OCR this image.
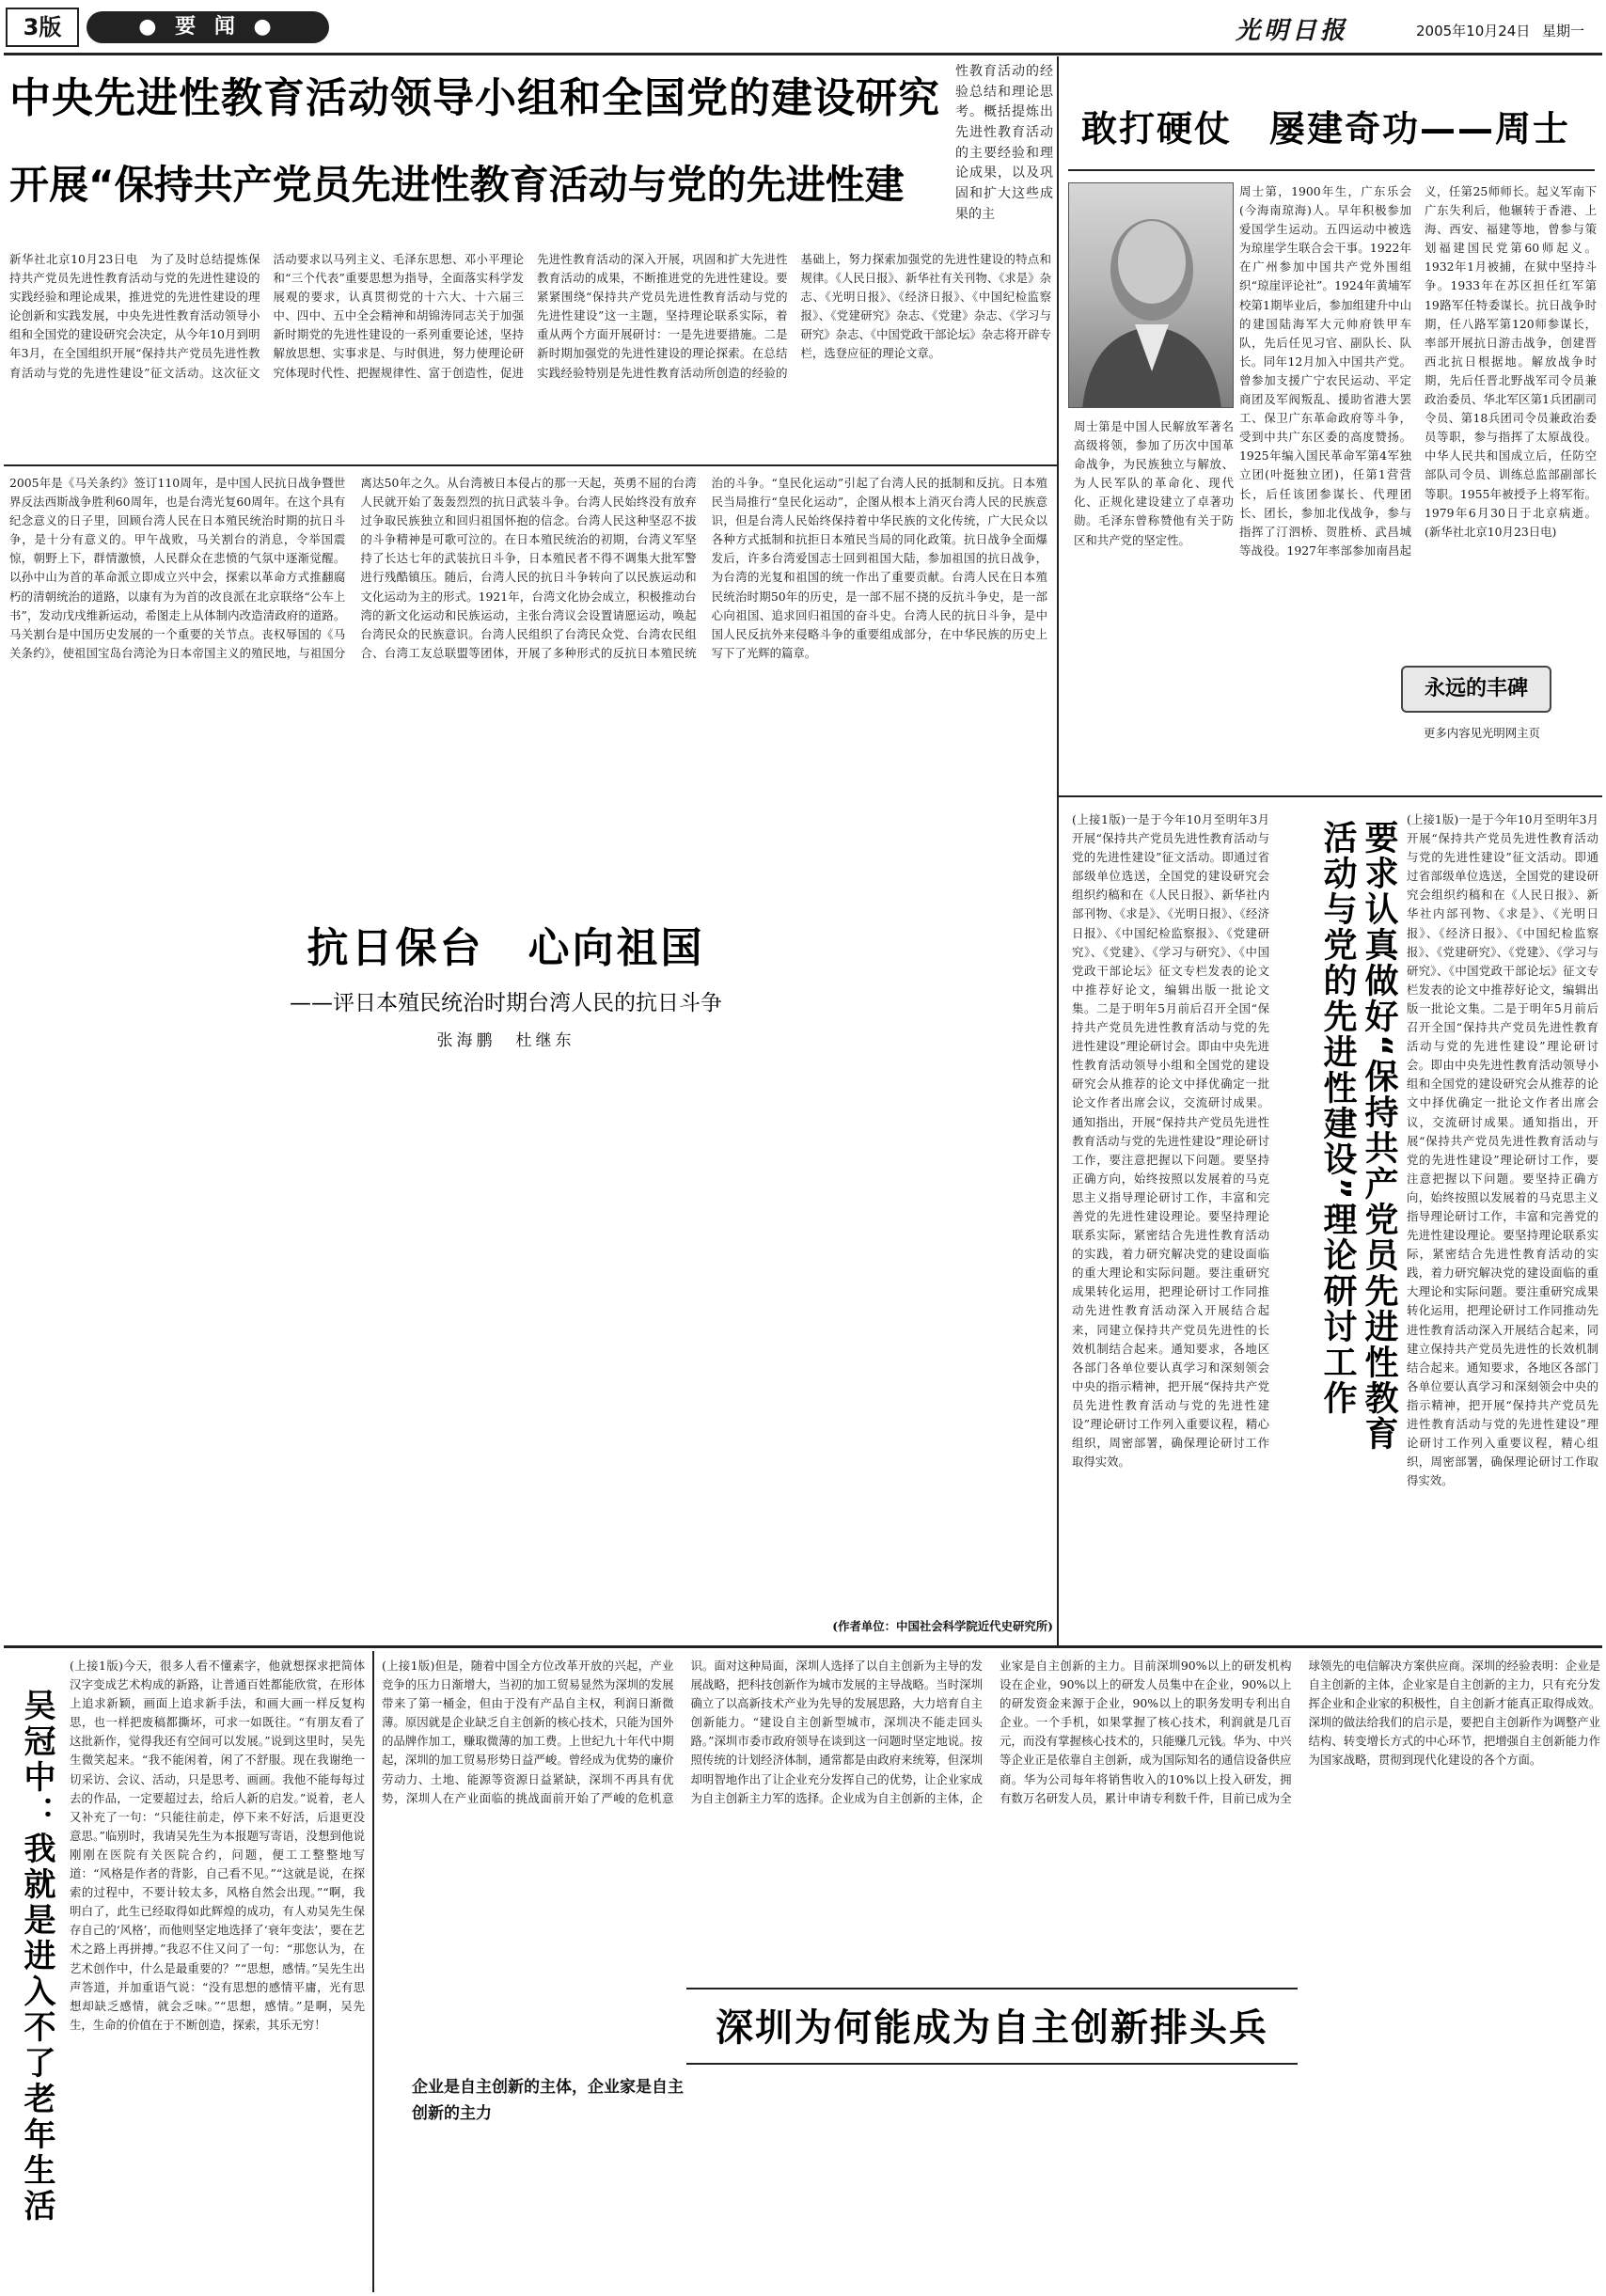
3版	● 要 闻 ●	光明日报	2005年10月24日 星期一
中央先进性教育活动领导小组和全国党的建设研究
开展“保持共产党员先进性教育活动与党的先进性建
性教育活动的经验总结和理论思考。概括提炼出先进性教育活动的主要经验和理论成果，以及巩固和扩大这些成果的主
新华社北京10月23日电　为了及时总结提炼保持共产党员先进性教育活动与党的先进性建设的实践经验和理论成果，推进党的先进性建设的理论创新和实践发展，中央先进性教育活动领导小组和全国党的建设研究会决定，从今年10月到明年3月，在全国组织开展“保持共产党员先进性教育活动与党的先进性建设”征文活动。这次征文活动要求以马列主义、毛泽东思想、邓小平理论和“三个代表”重要思想为指导，全面落实科学发展观的要求，认真贯彻党的十六大、十六届三中、四中、五中全会精神和胡锦涛同志关于加强新时期党的先进性建设的一系列重要论述，坚持解放思想、实事求是、与时俱进，努力使理论研究体现时代性、把握规律性、富于创造性，促进先进性教育活动的深入开展，巩固和扩大先进性教育活动的成果，不断推进党的先进性建设。要紧紧围绕“保持共产党员先进性教育活动与党的先进性建设”这一主题，坚持理论联系实际，着重从两个方面开展研讨：一是先进要措施。二是新时期加强党的先进性建设的理论探索。在总结实践经验特别是先进性教育活动所创造的经验的基础上，努力探索加强党的先进性建设的特点和规律。《人民日报》、新华社有关刊物、《求是》杂志、《光明日报》、《经济日报》、《中国纪检监察报》、《党建研究》杂志、《党建》杂志、《学习与研究》杂志、《中国党政干部论坛》杂志将开辟专栏，选登应征的理论文章。
敢打硬仗　屡建奇功——周士
周士第是中国人民解放军著名高级将领，参加了历次中国革命战争，为民族独立与解放、为人民军队的革命化、现代化、正规化建设建立了卓著功勋。毛泽东曾称赞他有关于防区和共产党的坚定性。
周士第，1900年生，广东乐会(今海南琼海)人。早年积极参加爱国学生运动。五四运动中被选为琼崖学生联合会干事。1922年在广州参加中国共产党外围组织“琼崖评论社”。1924年黄埔军校第1期毕业后，参加组建升中山的建国陆海军大元帅府铁甲车队，先后任见习官、副队长、队长。同年12月加入中国共产党。曾参加支援广宁农民运动、平定商团及军阀叛乱、援助省港大罢工、保卫广东革命政府等斗争，受到中共广东区委的高度赞扬。1925年编入国民革命军第4军独立团(叶挺独立团)，任第1营营长，后任该团参谋长、代理团长、团长，参加北伐战争，参与指挥了汀泗桥、贺胜桥、武昌城等战役。1927年率部参加南昌起义，任第25师师长。起义军南下广东失利后，他辗转于香港、上海、西安、福建等地，曾参与策划福建国民党第60师起义。1932年1月被捕，在狱中坚持斗争。1933年在苏区担任红军第19路军任特委谋长。抗日战争时期，任八路军第120师参谋长，率部开展抗日游击战争，创建晋西北抗日根据地。解放战争时期，先后任晋北野战军司令员兼政治委员、华北军区第1兵团副司令员、第18兵团司令员兼政治委员等职，参与指挥了太原战役。中华人民共和国成立后，任防空部队司令员、训练总监部副部长等职。1955年被授予上将军衔。1979年6月30日于北京病逝。(新华社北京10月23日电)
永远的丰碑
更多内容见光明网主页
2005年是《马关条约》签订110周年，是中国人民抗日战争暨世界反法西斯战争胜利60周年，也是台湾光复60周年。在这个具有纪念意义的日子里，回顾台湾人民在日本殖民统治时期的抗日斗争，是十分有意义的。甲午战败，马关割台的消息，令举国震惊，朝野上下，群情激愤，人民群众在悲愤的气氛中逐渐觉醒。以孙中山为首的革命派立即成立兴中会，探索以革命方式推翻腐朽的清朝统治的道路，以康有为为首的改良派在北京联络“公车上书”，发动戊戌维新运动，希图走上从体制内改造清政府的道路。马关割台是中国历史发展的一个重要的关节点。丧权辱国的《马关条约》，使祖国宝岛台湾沦为日本帝国主义的殖民地，与祖国分离达50年之久。从台湾被日本侵占的那一天起，英勇不屈的台湾人民就开始了轰轰烈烈的抗日武装斗争。台湾人民始终没有放弃过争取民族独立和回归祖国怀抱的信念。台湾人民这种坚忍不拔的斗争精神是可歌可泣的。在日本殖民统治的初期，台湾义军坚持了长达七年的武装抗日斗争，日本殖民者不得不调集大批军警进行残酷镇压。随后，台湾人民的抗日斗争转向了以民族运动和文化运动为主的形式。1921年，台湾文化协会成立，积极推动台湾的新文化运动和民族运动，主张台湾议会设置请愿运动，唤起台湾民众的民族意识。台湾人民组织了台湾民众党、台湾农民组合、台湾工友总联盟等团体，开展了多种形式的反抗日本殖民统治的斗争。“皇民化运动”引起了台湾人民的抵制和反抗。日本殖民当局推行“皇民化运动”，企图从根本上消灭台湾人民的民族意识，但是台湾人民始终保持着中华民族的文化传统，广大民众以各种方式抵制和抗拒日本殖民当局的同化政策。抗日战争全面爆发后，许多台湾爱国志士回到祖国大陆，参加祖国的抗日战争，为台湾的光复和祖国的统一作出了重要贡献。台湾人民在日本殖民统治时期50年的历史，是一部不屈不挠的反抗斗争史，是一部心向祖国、追求回归祖国的奋斗史。台湾人民的抗日斗争，是中国人民反抗外来侵略斗争的重要组成部分，在中华民族的历史上写下了光辉的篇章。
抗日保台　心向祖国
——评日本殖民统治时期台湾人民的抗日斗争
张海鹏　杜继东
(作者单位：中国社会科学院近代史研究所)
要求认真做好“保持共产党员先进性教育活动与党的先进性建设”理论研讨工作
(上接1版)一是于今年10月至明年3月开展“保持共产党员先进性教育活动与党的先进性建设”征文活动。即通过省部级单位选送，全国党的建设研究会组织约稿和在《人民日报》、新华社内部刊物、《求是》、《光明日报》、《经济日报》、《中国纪检监察报》、《党建研究》、《党建》、《学习与研究》、《中国党政干部论坛》征文专栏发表的论文中推荐好论文，编辑出版一批论文集。二是于明年5月前后召开全国“保持共产党员先进性教育活动与党的先进性建设”理论研讨会。即由中央先进性教育活动领导小组和全国党的建设研究会从推荐的论文中择优确定一批论文作者出席会议，交流研讨成果。通知指出，开展“保持共产党员先进性教育活动与党的先进性建设”理论研讨工作，要注意把握以下问题。要坚持正确方向，始终按照以发展着的马克思主义指导理论研讨工作，丰富和完善党的先进性建设理论。要坚持理论联系实际，紧密结合先进性教育活动的实践，着力研究解决党的建设面临的重大理论和实际问题。要注重研究成果转化运用，把理论研讨工作同推动先进性教育活动深入开展结合起来，同建立保持共产党员先进性的长效机制结合起来。通知要求，各地区各部门各单位要认真学习和深刻领会中央的指示精神，把开展“保持共产党员先进性教育活动与党的先进性建设”理论研讨工作列入重要议程，精心组织，周密部署，确保理论研讨工作取得实效。
(上接1版)一是于今年10月至明年3月开展“保持共产党员先进性教育活动与党的先进性建设”征文活动。即通过省部级单位选送，全国党的建设研究会组织约稿和在《人民日报》、新华社内部刊物、《求是》、《光明日报》、《经济日报》、《中国纪检监察报》、《党建研究》、《党建》、《学习与研究》、《中国党政干部论坛》征文专栏发表的论文中推荐好论文，编辑出版一批论文集。二是于明年5月前后召开全国“保持共产党员先进性教育活动与党的先进性建设”理论研讨会。即由中央先进性教育活动领导小组和全国党的建设研究会从推荐的论文中择优确定一批论文作者出席会议，交流研讨成果。通知指出，开展“保持共产党员先进性教育活动与党的先进性建设”理论研讨工作，要注意把握以下问题。要坚持正确方向，始终按照以发展着的马克思主义指导理论研讨工作，丰富和完善党的先进性建设理论。要坚持理论联系实际，紧密结合先进性教育活动的实践，着力研究解决党的建设面临的重大理论和实际问题。要注重研究成果转化运用，把理论研讨工作同推动先进性教育活动深入开展结合起来，同建立保持共产党员先进性的长效机制结合起来。通知要求，各地区各部门各单位要认真学习和深刻领会中央的指示精神，把开展“保持共产党员先进性教育活动与党的先进性建设”理论研讨工作列入重要议程，精心组织，周密部署，确保理论研讨工作取得实效。
吴冠中：我就是进入不了老年生活
(上接1版)今天，很多人看不懂素字，他就想探求把简体汉字变成艺术构成的新路，让普通百姓都能欣赏，在形体上追求新颖，画面上追求新手法，和画大画一样反复构思，也一样把废稿都撕坏，可求一如既往。“有朋友看了这批新作，觉得我还有空间可以发展。”说到这里时，吴先生微笑起来。“我不能闲着，闲了不舒服。现在我谢绝一切采访、会议、活动，只是思考、画画。我他不能每每过去的作品，一定要超过去，给后人新的启发。”说着，老人又补充了一句：“只能往前走，停下来不好活，后退更没意思。”临别时，我请吴先生为本报题写寄语，没想到他说刚刚在医院有关医院合约，问题，便工工整整地写道：“风格是作者的背影，自己看不见。”“这就是说，在探索的过程中，不要计较太多，风格自然会出现。”“啊，我明白了，此生已经取得如此辉煌的成功，有人劝吴先生保存自己的‘风格’，而他则坚定地选择了‘衰年变法’，要在艺术之路上再拼搏。”我忍不住又问了一句：“那您认为，在艺术创作中，什么是最重要的？”“思想，感情。”吴先生出声答道，并加重语气说：“没有思想的感情平庸，光有思想却缺乏感情，就会乏味。”“思想，感情。”是啊，吴先生，生命的价值在于不断创造，探索，其乐无穷！
(上接1版)但是，随着中国全方位改革开放的兴起，产业竞争的压力日渐增大，当初的加工贸易显然为深圳的发展带来了第一桶金，但由于没有产品自主权，利润日渐微薄。原因就是企业缺乏自主创新的核心技术，只能为国外的品牌作加工，赚取微薄的加工费。上世纪九十年代中期起，深圳的加工贸易形势日益严峻。曾经成为优势的廉价劳动力、土地、能源等资源日益紧缺，深圳不再具有优势，深圳人在产业面临的挑战面前开始了严峻的危机意识。面对这种局面，深圳人选择了以自主创新为主导的发展战略，把科技创新作为城市发展的主导战略。当时深圳确立了以高新技术产业为先导的发展思路，大力培育自主创新能力。“建设自主创新型城市，深圳决不能走回头路。”深圳市委市政府领导在谈到这一问题时坚定地说。按照传统的计划经济体制，通常都是由政府来统筹，但深圳却明智地作出了让企业充分发挥自己的优势，让企业家成为自主创新主力军的选择。企业成为自主创新的主体，企业家是自主创新的主力。目前深圳90%以上的研发机构设在企业，90%以上的研发人员集中在企业，90%以上的研发资金来源于企业，90%以上的职务发明专利出自企业。一个手机，如果掌握了核心技术，利润就是几百元，而没有掌握核心技术的，只能赚几元钱。华为、中兴等企业正是依靠自主创新，成为国际知名的通信设备供应商。华为公司每年将销售收入的10%以上投入研发，拥有数万名研发人员，累计申请专利数千件，目前已成为全球领先的电信解决方案供应商。深圳的经验表明：企业是自主创新的主体，企业家是自主创新的主力，只有充分发挥企业和企业家的积极性，自主创新才能真正取得成效。深圳的做法给我们的启示是，要把自主创新作为调整产业结构、转变增长方式的中心环节，把增强自主创新能力作为国家战略，贯彻到现代化建设的各个方面。
深圳为何能成为自主创新排头兵
企业是自主创新的主体，企业家是自主创新的主力
